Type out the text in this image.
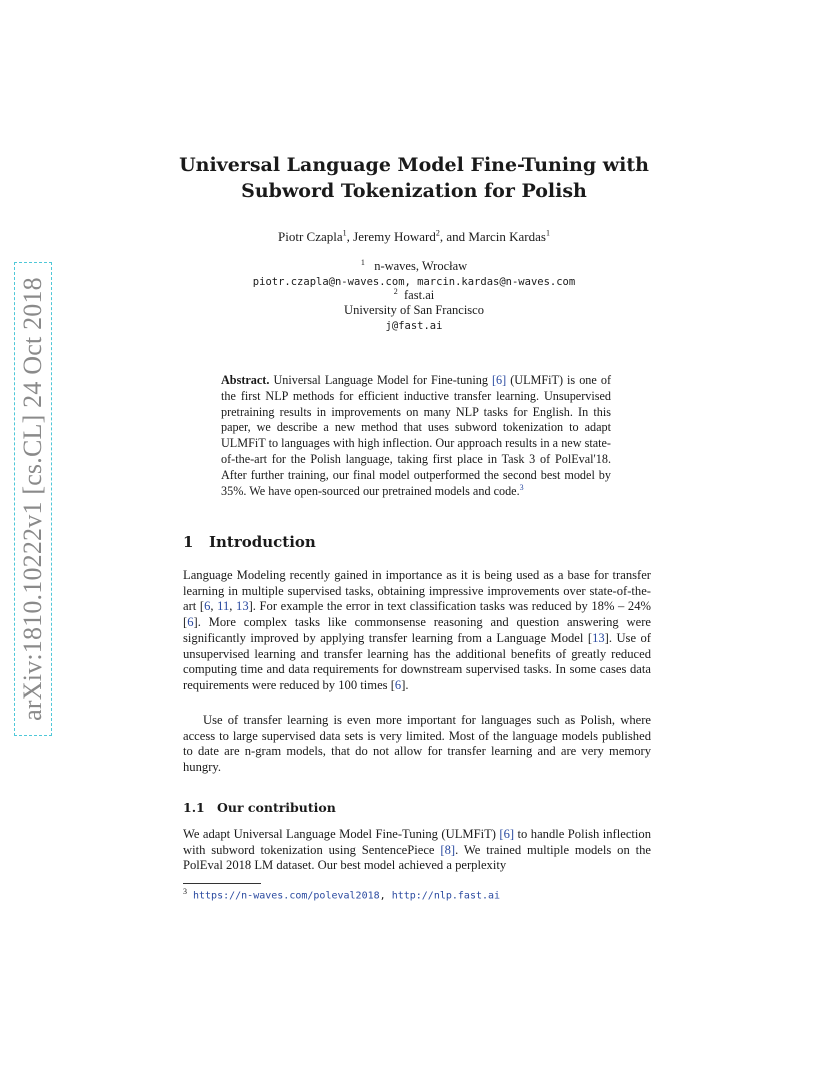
arXiv:1810.10222v1 [cs.CL] 24 Oct 2018
Universal Language Model Fine-Tuning with
Subword Tokenization for Polish
Piotr Czapla$^1$, Jeremy Howard$^2$, and Marcin Kardas$^1$
$^1$ n-waves, Wrocław
piotr.czapla@n-waves.com, marcin.kardas@n-waves.com
$^2$ fast.ai
University of San Francisco
j@fast.ai
Abstract. Universal Language Model for Fine-tuning [6] (ULMFiT) is one of the first NLP methods for efficient inductive transfer learning. Unsupervised pretraining results in improvements on many NLP tasks for English. In this paper, we describe a new method that uses subword tokenization to adapt ULMFiT to languages with high inflection. Our approach results in a new state-of-the-art for the Polish language, taking first place in Task 3 of PolEval'18. After further training, our final model outperformed the second best model by 35%. We have open-sourced our pretrained models and code.$^3$
1 Introduction
Language Modeling recently gained in importance as it is being used as a base for transfer learning in multiple supervised tasks, obtaining impressive improvements over state-of-the-art [6, 11, 13]. For example the error in text classification tasks was reduced by 18% – 24% [6]. More complex tasks like commonsense reasoning and question answering were significantly improved by applying transfer learning from a Language Model [13]. Use of unsupervised learning and transfer learning has the additional benefits of greatly reduced computing time and data requirements for downstream supervised tasks. In some cases data requirements were reduced by 100 times [6].
Use of transfer learning is even more important for languages such as Polish, where access to large supervised data sets is very limited. Most of the language models published to date are n-gram models, that do not allow for transfer learning and are very memory hungry.
1.1 Our contribution
We adapt Universal Language Model Fine-Tuning (ULMFiT) [6] to handle Polish inflection with subword tokenization using SentencePiece [8]. We trained multiple models on the PolEval 2018 LM dataset. Our best model achieved a perplexity
$^3$ https://n-waves.com/poleval2018, http://nlp.fast.ai
